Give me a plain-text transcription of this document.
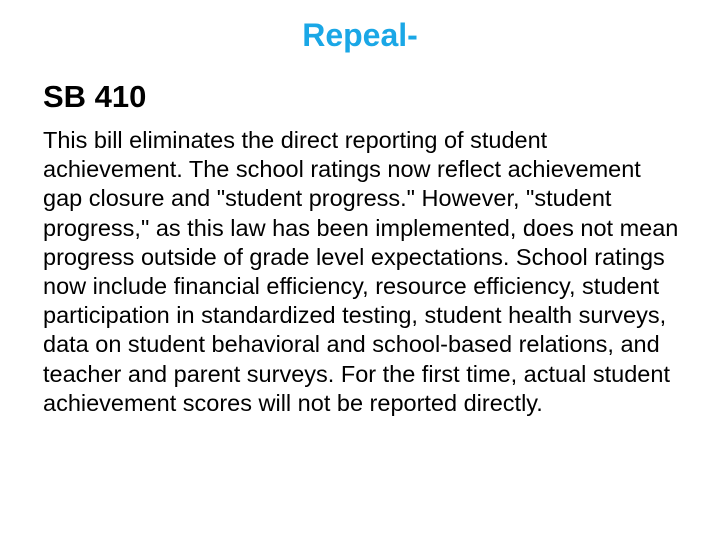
Repeal-
SB 410

This bill eliminates the direct reporting of student achievement. The school ratings now reflect achievement gap closure and "student progress." However, "student progress," as this law has been implemented, does not mean progress outside of grade level expectations. School ratings now include financial efficiency, resource efficiency, student participation in standardized testing, student health surveys, data on student behavioral and school-based relations, and teacher and parent surveys. For the first time, actual student achievement scores will not be reported directly.
